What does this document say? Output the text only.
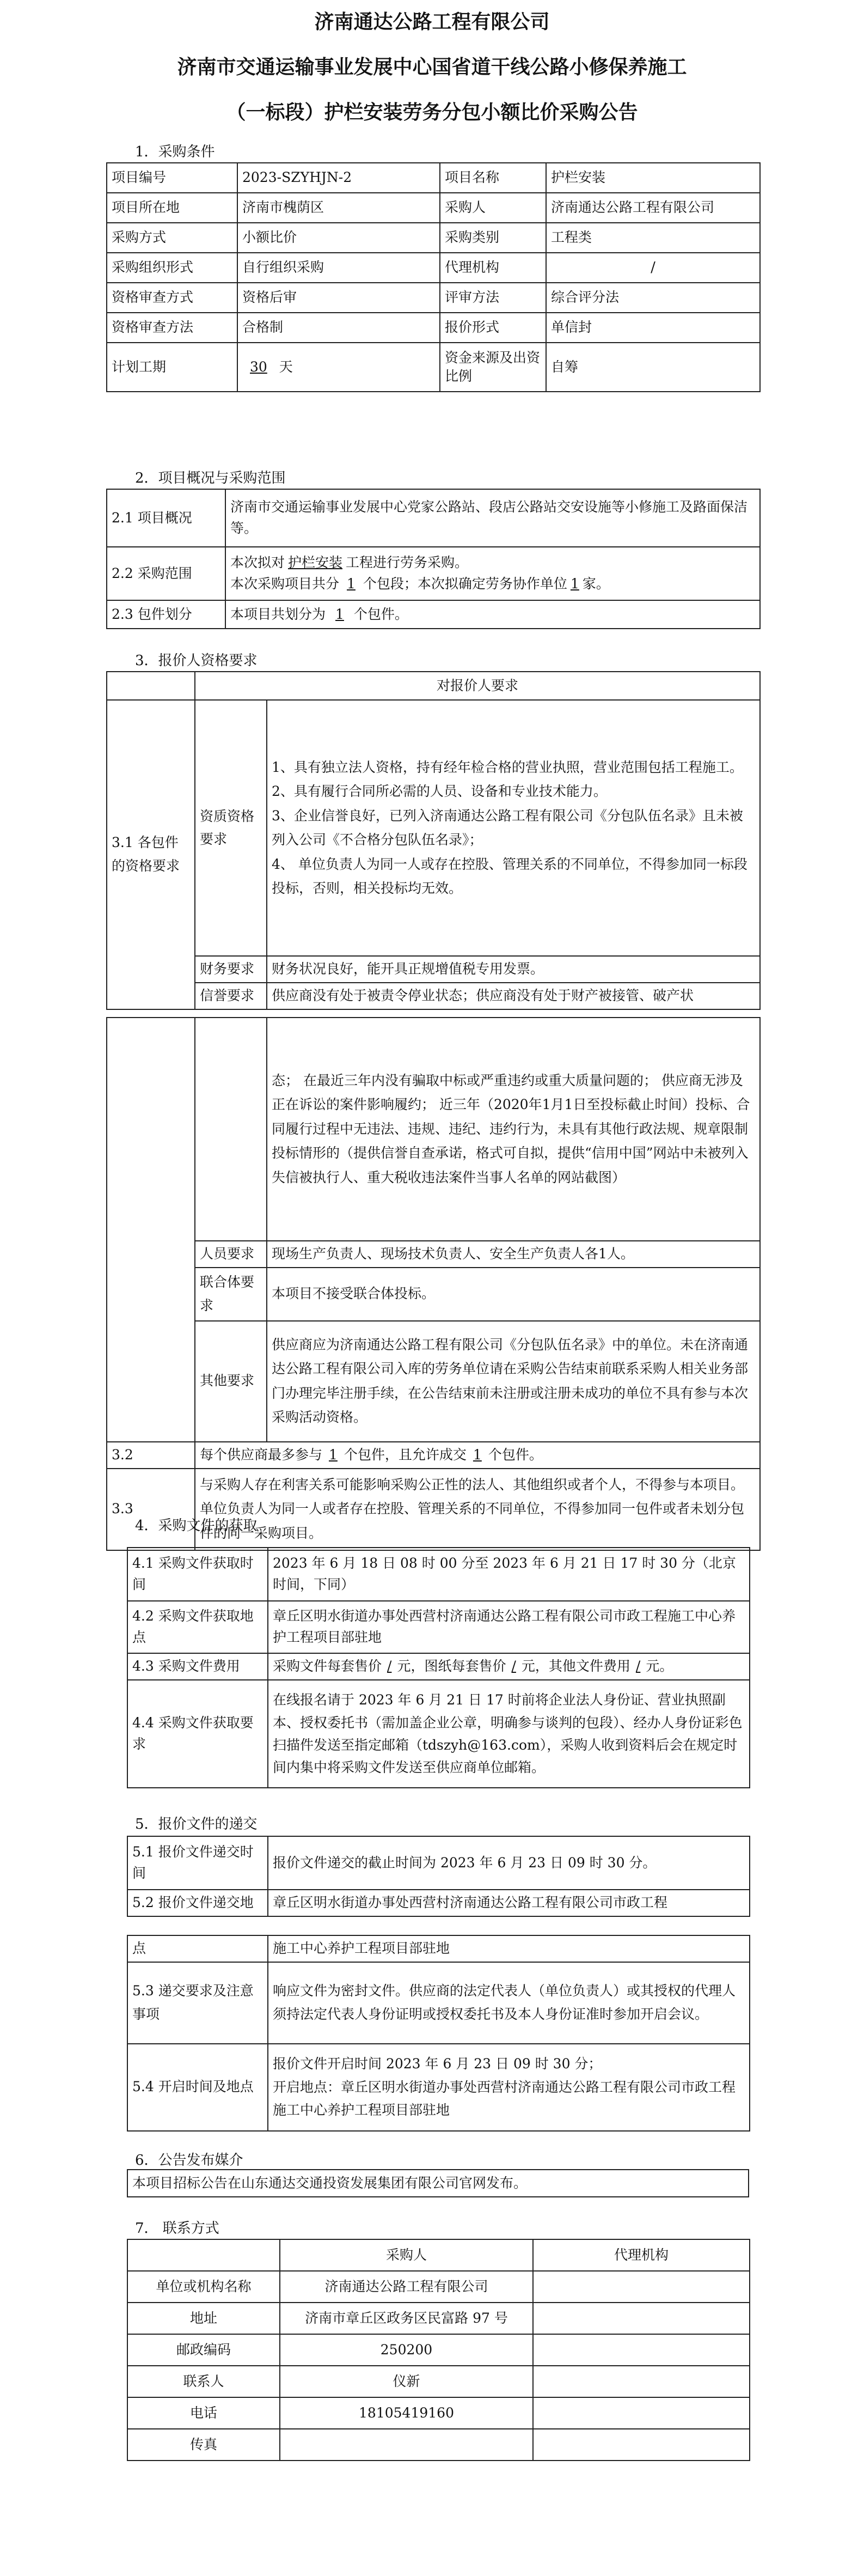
济南通达公路工程有限公司
济南市交通运输事业发展中心国省道干线公路小修保养施工
（一标段）护栏安装劳务分包小额比价采购公告
1．采购条件
项目编号	2023-SZYHJN-2	项目名称	护栏安装
项目所在地	济南市槐荫区	采购人	济南通达公路工程有限公司
采购方式	小额比价	采购类别	工程类
采购组织形式	自行组织采购	代理机构	/
资格审查方式	资格后审	评审方法	综合评分法
资格审查方法	合格制	报价形式	单信封
计划工期	30 天	资金来源及出资比例	自筹
2．项目概况与采购范围
2.1 项目概况	济南市交通运输事业发展中心党家公路站、段店公路站交安设施等小修施工及路面保洁等。
2.2 采购范围	本次拟对 护栏安装 工程进行劳务采购。
本次采购项目共分 1 个包段；本次拟确定劳务协作单位 1 家。
2.3 包件划分	本项目共划分为 1 个包件。
3．报价人资格要求
	对报价人要求	
3.1 各包件的资格要求	资质资格要求	1、具有独立法人资格，持有经年检合格的营业执照，营业范围包括工程施工。
2、具有履行合同所必需的人员、设备和专业技术能力。
3、企业信誉良好，已列入济南通达公路工程有限公司《分包队伍名录》且未被列入公司《不合格分包队伍名录》；
4、 单位负责人为同一人或存在控股、管理关系的不同单位，不得参加同一标段投标，否则，相关投标均无效。

	财务要求	财务状况良好，能开具正规增值税专用发票。
	信誉要求	供应商没有处于被责令停业状态；供应商没有处于财产被接管、破产状
		态； 在最近三年内没有骗取中标或严重违约或重大质量问题的； 供应商无涉及正在诉讼的案件影响履约； 近三年（2020年1月1日至投标截止时间）投标、合同履行过程中无违法、违规、违纪、违约行为，未具有其他行政法规、规章限制投标情形的（提供信誉自查承诺，格式可自拟，提供“信用中国”网站中未被列入失信被执行人、重大税收违法案件当事人名单的网站截图）
	人员要求	现场生产负责人、现场技术负责人、安全生产负责人各1人。
	联合体要求	本项目不接受联合体投标。
	其他要求	供应商应为济南通达公路工程有限公司《分包队伍名录》中的单位。未在济南通达公路工程有限公司入库的劳务单位请在采购公告结束前联系采购人相关业务部门办理完毕注册手续，在公告结束前未注册或注册未成功的单位不具有参与本次采购活动资格。
3.2	每个供应商最多参与 1 个包件，且允许成交 1 个包件。	
3.3	与采购人存在利害关系可能影响采购公正性的法人、其他组织或者个人，不得参与本项目。单位负责人为同一人或者存在控股、管理关系的不同单位，不得参加同一包件或者未划分包件的同一采购项目。	
4．采购文件的获取
4.1 采购文件获取时间	2023 年 6 月 18 日 08 时 00 分至 2023 年 6 月 21 日 17 时 30 分（北京时间，下同）
4.2 采购文件获取地点	章丘区明水街道办事处西营村济南通达公路工程有限公司市政工程施工中心养护工程项目部驻地
4.3 采购文件费用	采购文件每套售价 / 元，图纸每套售价 / 元，其他文件费用 / 元。
4.4 采购文件获取要求	在线报名请于 2023 年 6 月 21 日 17 时前将企业法人身份证、营业执照副本、授权委托书（需加盖企业公章，明确参与谈判的包段）、经办人身份证彩色扫描件发送至指定邮箱（tdszyh@163.com），采购人收到资料后会在规定时间内集中将采购文件发送至供应商单位邮箱。
5．报价文件的递交
5.1 报价文件递交时间	报价文件递交的截止时间为 2023 年 6 月 23 日 09 时 30 分。
5.2 报价文件递交地	章丘区明水街道办事处西营村济南通达公路工程有限公司市政工程
点	施工中心养护工程项目部驻地
5.3 递交要求及注意事项	响应文件为密封文件。供应商的法定代表人（单位负责人）或其授权的代理人须持法定代表人身份证明或授权委托书及本人身份证准时参加开启会议。
5.4 开启时间及地点	报价文件开启时间 2023 年 6 月 23 日 09 时 30 分；
开启地点：章丘区明水街道办事处西营村济南通达公路工程有限公司市政工程施工中心养护工程项目部驻地
6．公告发布媒介
本项目招标公告在山东通达交通投资发展集团有限公司官网发布。
7． 联系方式
	采购人	代理机构
单位或机构名称	济南通达公路工程有限公司	
地址	济南市章丘区政务区民富路 97 号	
邮政编码	250200	
联系人	仪新	
电话	18105419160	
传真		
